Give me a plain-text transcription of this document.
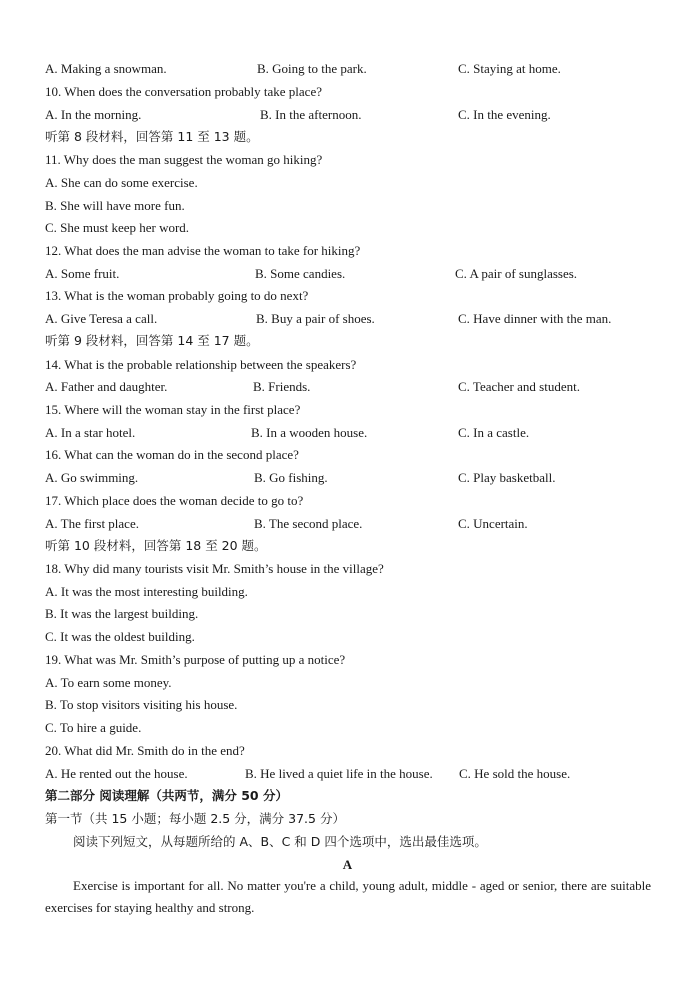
A. Making a snowman.	B. Going to the park.	C. Staying at home.
10. When does the conversation probably take place?
A. In the morning.	B. In the afternoon.	C. In the evening.
听第 8 段材料，回答第 11 至 13 题。
11. Why does the man suggest the woman go hiking?
A. She can do some exercise.
B. She will have more fun.
C. She must keep her word.
12. What does the man advise the woman to take for hiking?
A. Some fruit.	B. Some candies.	C. A pair of sunglasses.
13. What is the woman probably going to do next?
A. Give Teresa a call.	B. Buy a pair of shoes.	C. Have dinner with the man.
听第 9 段材料，回答第 14 至 17 题。
14. What is the probable relationship between the speakers?
A. Father and daughter.	B. Friends.	C. Teacher and student.
15. Where will the woman stay in the first place?
A. In a star hotel.	B. In a wooden house.	C. In a castle.
16. What can the woman do in the second place?
A. Go swimming.	B. Go fishing.	C. Play basketball.
17. Which place does the woman decide to go to?
A. The first place.	B. The second place.	C. Uncertain.
听第 10 段材料，回答第 18 至 20 题。
18. Why did many tourists visit Mr. Smith’s house in the village?
A. It was the most interesting building.
B. It was the largest building.
C. It was the oldest building.
19. What was Mr. Smith’s purpose of putting up a notice?
A. To earn some money.
B. To stop visitors visiting his house.
C. To hire a guide.
20. What did Mr. Smith do in the end?
A. He rented out the house.	B. He lived a quiet life in the house. C. He sold the house.
第二部分 阅读理解（共两节，满分 50 分）
第一节（共 15 小题；每小题 2.5 分，满分 37.5 分）
阅读下列短文，从每题所给的 A、B、C 和 D 四个选项中，选出最佳选项。
A
Exercise is important for all. No matter you're a child, young adult, middle - aged or senior, there are suitable exercises for staying healthy and strong.
